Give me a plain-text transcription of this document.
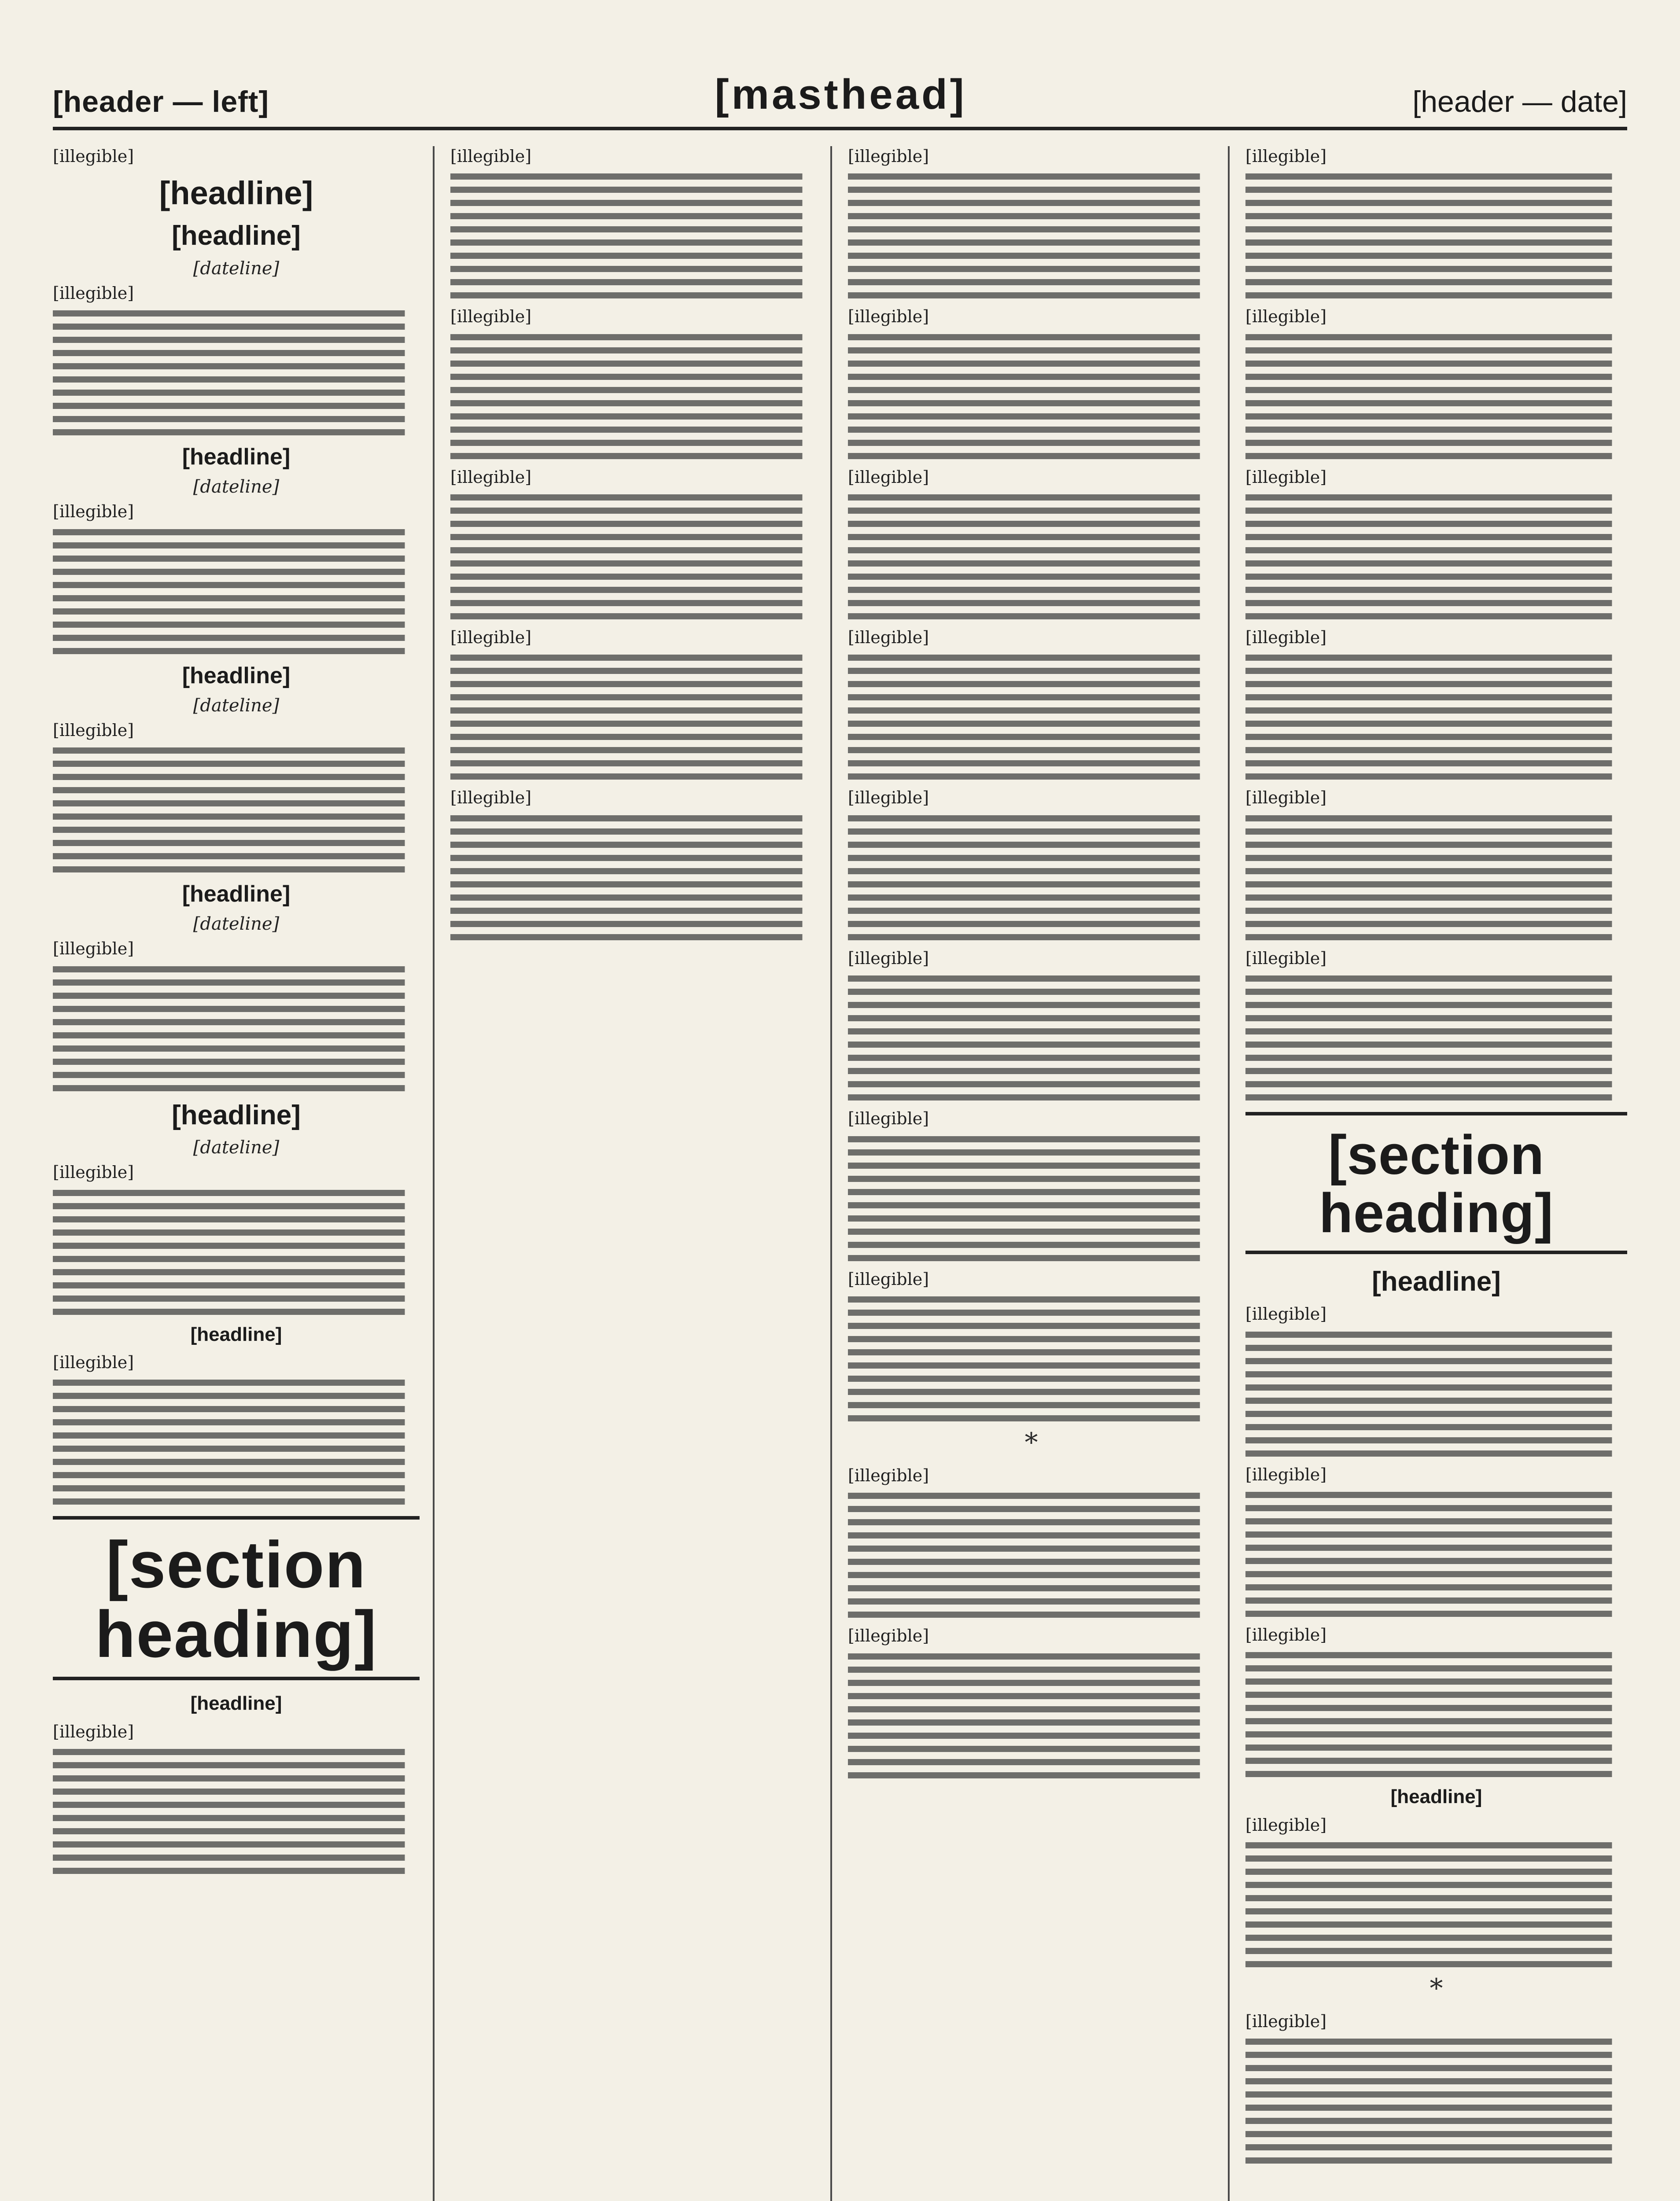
[header — left]	[masthead]	[header — date]

[illegible]

[headline]
[headline]
[dateline]

[illegible]

[headline]
[dateline]

[illegible]

[headline]
[dateline]

[illegible]

[headline]
[dateline]

[illegible]

[headline]
[dateline]

[illegible]

[headline]

[illegible]

[section heading]
[headline]

[illegible]

[illegible]

[illegible]

[illegible]

[illegible]

[illegible]

[illegible]

[illegible]

[illegible]

[illegible]

[illegible]

[illegible]

[illegible]

[illegible]

*

[illegible]

[illegible]

[illegible]

[illegible]

[illegible]

[illegible]

[illegible]

[illegible]

[section heading]
[headline]

[illegible]

[illegible]

[illegible]

[headline]

[illegible]

*

[illegible]
